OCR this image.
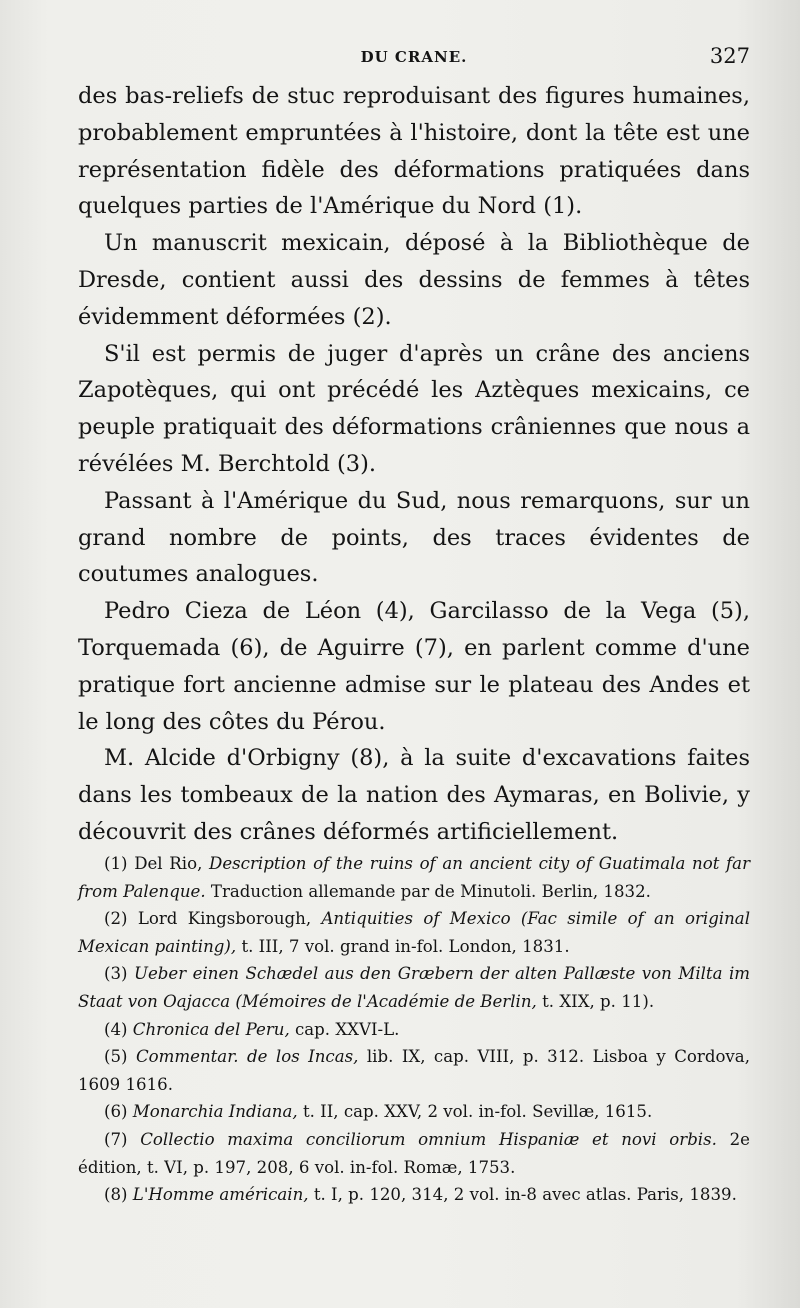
DU CRANE.	327

des bas-reliefs de stuc reproduisant des figures humaines, probablement empruntées à l'histoire, dont la tête est une représentation fidèle des déformations pratiquées dans quelques parties de l'Amérique du Nord (1).

Un manuscrit mexicain, déposé à la Bibliothèque de Dresde, contient aussi des dessins de femmes à têtes évidemment déformées (2).

S'il est permis de juger d'après un crâne des anciens Zapotèques, qui ont précédé les Aztèques mexicains, ce peuple pratiquait des déformations crâniennes que nous a révélées M. Berchtold (3).

Passant à l'Amérique du Sud, nous remarquons, sur un grand nombre de points, des traces évidentes de coutumes analogues.

Pedro Cieza de Léon (4), Garcilasso de la Vega (5), Torquemada (6), de Aguirre (7), en parlent comme d'une pratique fort ancienne admise sur le plateau des Andes et le long des côtes du Pérou.

M. Alcide d'Orbigny (8), à la suite d'excavations faites dans les tombeaux de la nation des Aymaras, en Bolivie, y découvrit des crânes déformés artificiellement.

(1) Del Rio, Description of the ruins of an ancient city of Guatimala not far from Palenque. Traduction allemande par de Minutoli. Berlin, 1832.

(2) Lord Kingsborough, Antiquities of Mexico (Fac simile of an original Mexican painting), t. III, 7 vol. grand in-fol. London, 1831.

(3) Ueber einen Schædel aus den Græbern der alten Pallæste von Milta im Staat von Oajacca (Mémoires de l'Académie de Berlin, t. XIX, p. 11).

(4) Chronica del Peru, cap. XXVI-L.

(5) Commentar. de los Incas, lib. IX, cap. VIII, p. 312. Lisboa y Cordova, 1609 1616.

(6) Monarchia Indiana, t. II, cap. XXV, 2 vol. in-fol. Sevillæ, 1615.

(7) Collectio maxima conciliorum omnium Hispaniæ et novi orbis. 2e édition, t. VI, p. 197, 208, 6 vol. in-fol. Romæ, 1753.

(8) L'Homme américain, t. I, p. 120, 314, 2 vol. in-8 avec atlas. Paris, 1839.
